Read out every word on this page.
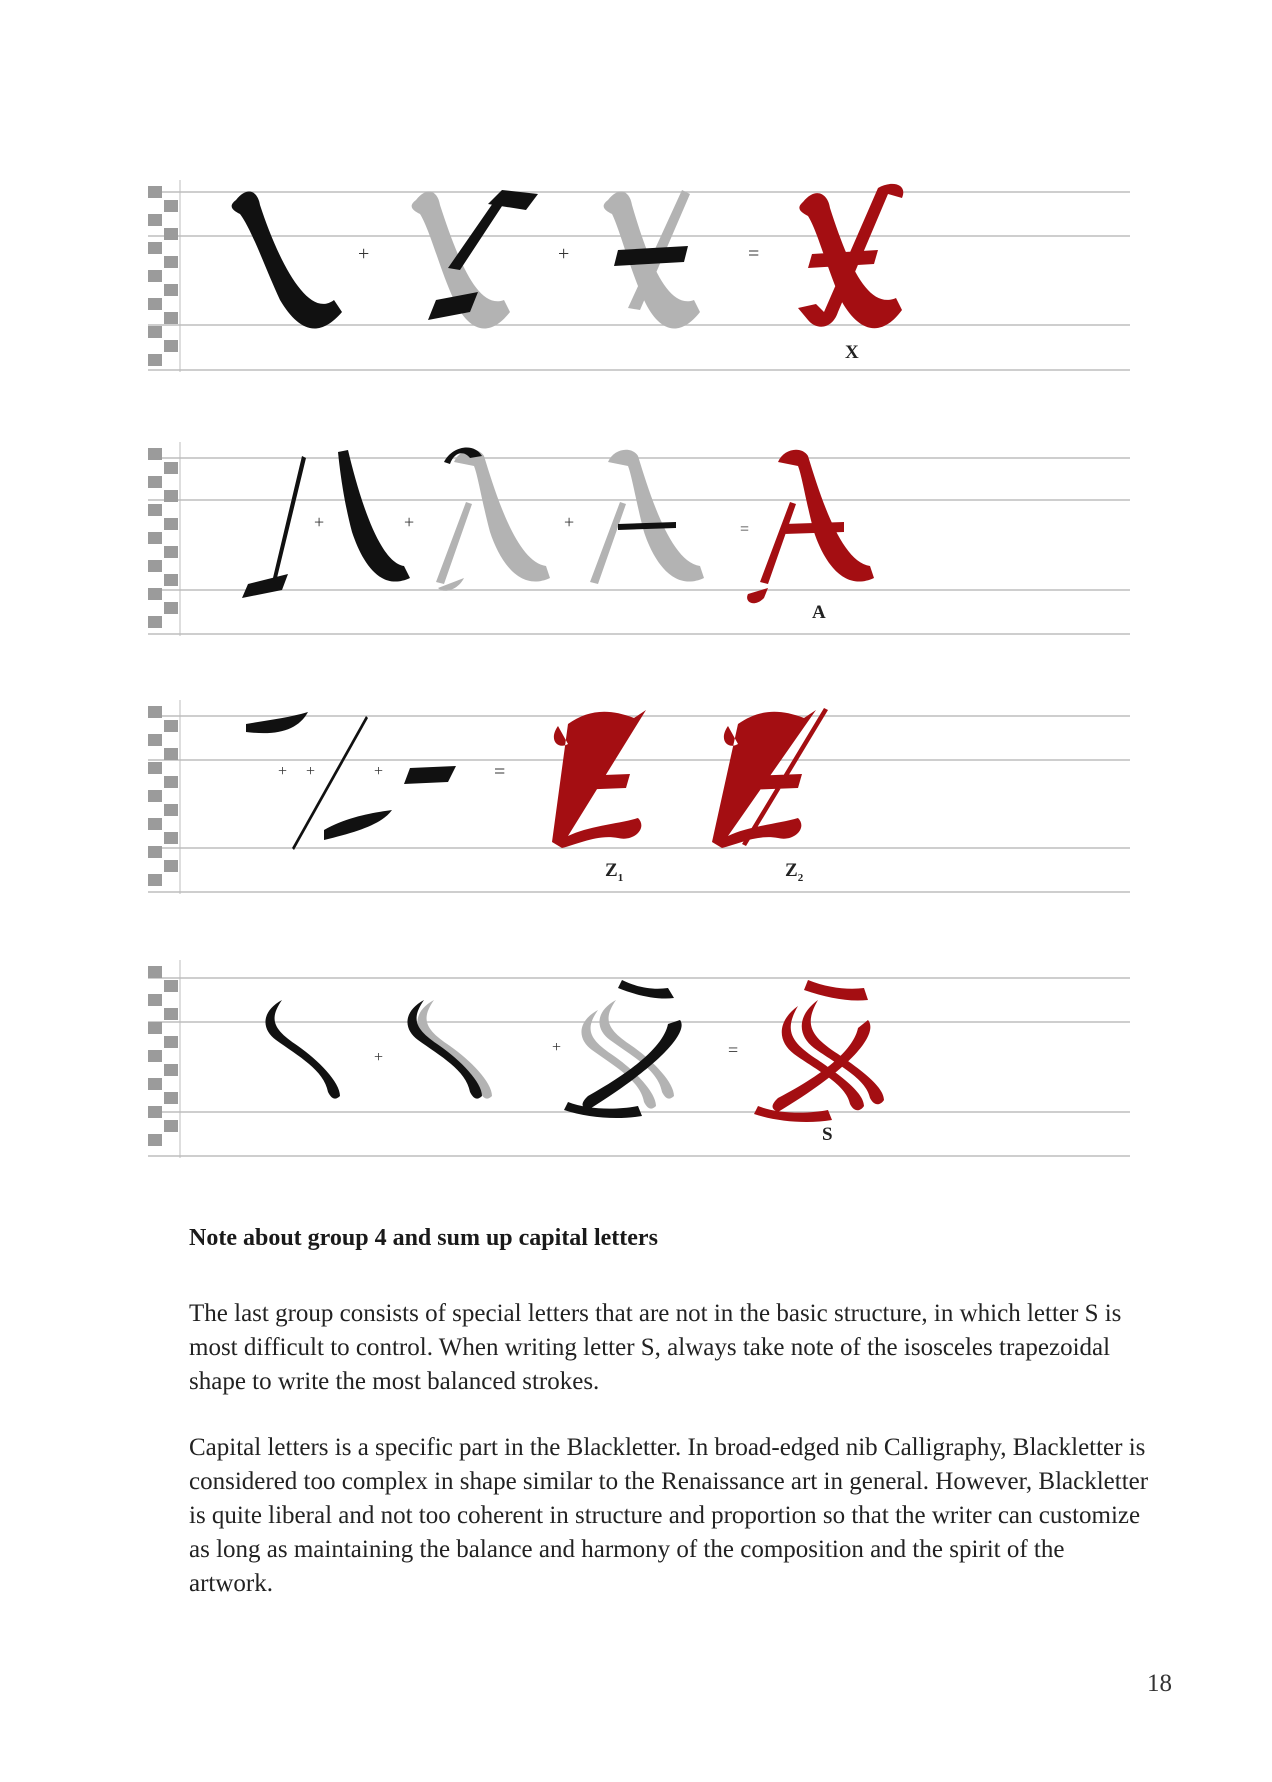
+	+	=
X
+	+	+	=
A
+ +	+	=
$Z_1$	$Z_2$
+
+	=
S
Note about group 4 and sum up capital letters

The last group consists of special letters that are not in the basic structure, in which letter S is most difficult to control. When writing letter S, always take note of the isosceles trapezoidal shape to write the most balanced strokes.

Capital letters is a specific part in the Blackletter. In broad-edged nib Calligraphy, Blackletter is considered too complex in shape similar to the Renaissance art in general. However, Blackletter is quite liberal and not too coherent in structure and proportion so that the writer can customize as long as maintaining the balance and harmony of the composition and the spirit of the artwork.

18
